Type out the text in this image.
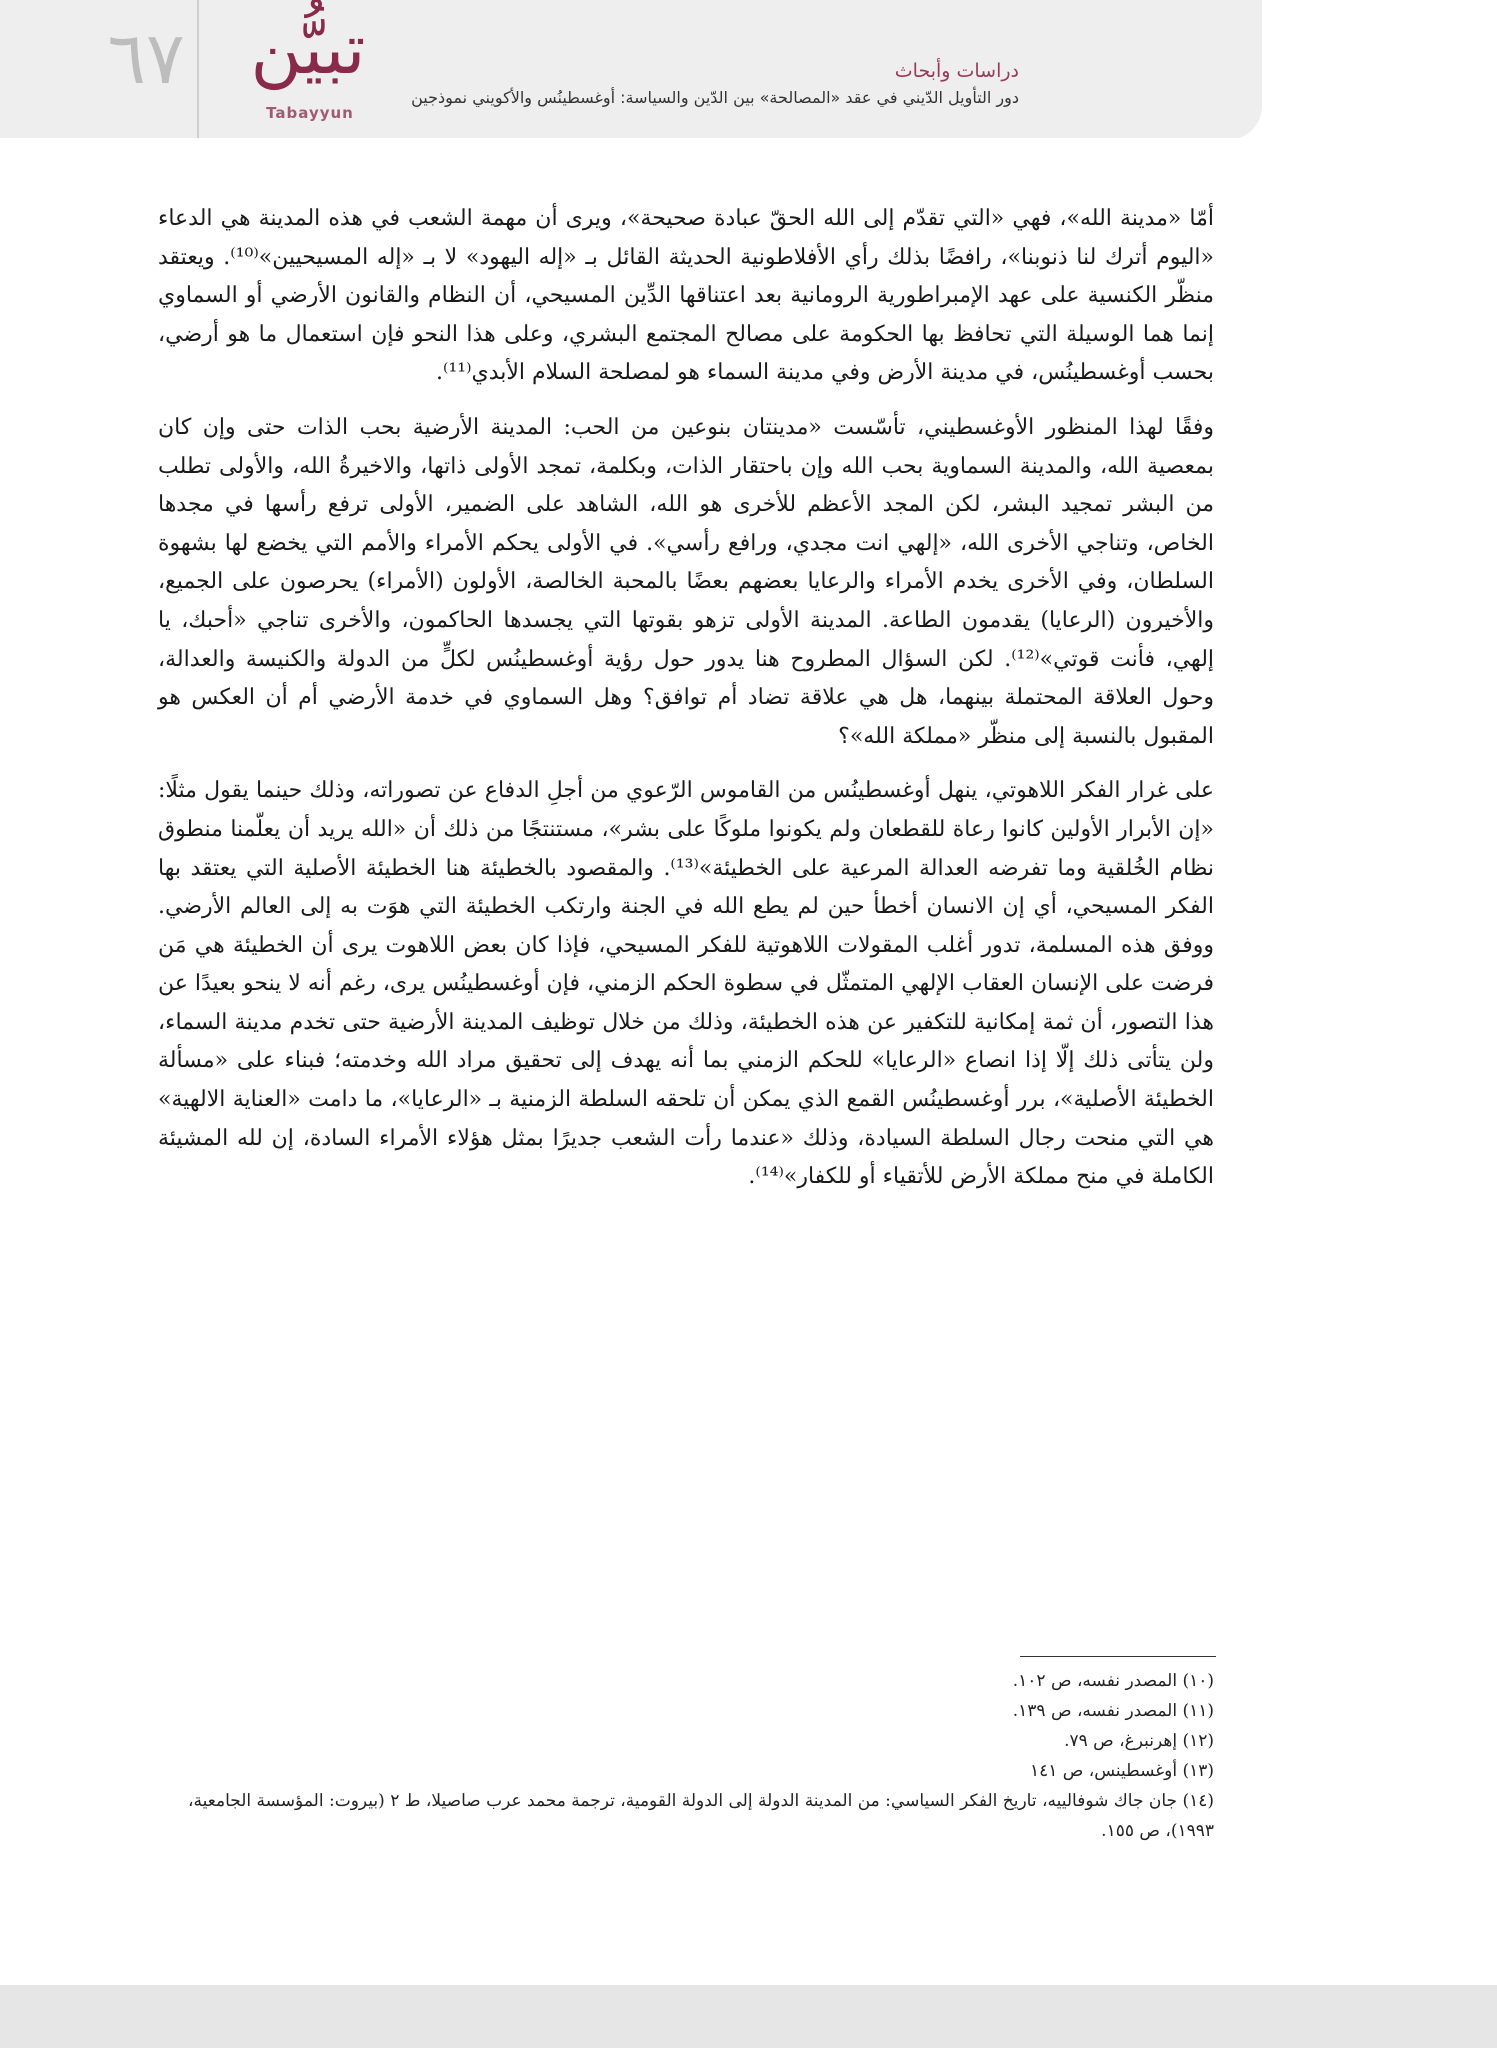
٦٧ تبيُّن
Tabayyun
دراسات وأبحاث
دور التأويل الدّيني في عقد «المصالحة» بين الدّين والسياسة: أوغسطينُس والأكويني نموذجين

أمّا «مدينة الله»، فهي «التي تقدّم إلى الله الحقّ عبادة صحيحة»، ويرى أن مهمة الشعب في هذه المدينة هي الدعاء «اليوم أترك لنا ذنوبنا»، رافضًا بذلك رأي الأفلاطونية الحديثة القائل بـ «إله اليهود» لا بـ «إله المسيحيين»⁽¹⁰⁾. ويعتقد منظّر الكنسية على عهد الإمبراطورية الرومانية بعد اعتناقها الدِّين المسيحي، أن النظام والقانون الأرضي أو السماوي إنما هما الوسيلة التي تحافظ بها الحكومة على مصالح المجتمع البشري، وعلى هذا النحو فإن استعمال ما هو أرضي، بحسب أوغسطينُس، في مدينة الأرض وفي مدينة السماء هو لمصلحة السلام الأبدي⁽¹¹⁾.

وفقًا لهذا المنظور الأوغسطيني، تأسّست «مدينتان بنوعين من الحب: المدينة الأرضية بحب الذات حتى وإن كان بمعصية الله، والمدينة السماوية بحب الله وإن باحتقار الذات، وبكلمة، تمجد الأولى ذاتها، والاخيرةُ الله، والأولى تطلب من البشر تمجيد البشر، لكن المجد الأعظم للأخرى هو الله، الشاهد على الضمير، الأولى ترفع رأسها في مجدها الخاص، وتناجي الأخرى الله، «إلهي انت مجدي، ورافع رأسي». في الأولى يحكم الأمراء والأمم التي يخضع لها بشهوة السلطان، وفي الأخرى يخدم الأمراء والرعايا بعضهم بعضًا بالمحبة الخالصة، الأولون (الأمراء) يحرصون على الجميع، والأخيرون (الرعايا) يقدمون الطاعة. المدينة الأولى تزهو بقوتها التي يجسدها الحاكمون، والأخرى تناجي «أحبك، يا إلهي، فأنت قوتي»⁽¹²⁾. لكن السؤال المطروح هنا يدور حول رؤية أوغسطينُس لكلٍّ من الدولة والكنيسة والعدالة، وحول العلاقة المحتملة بينهما، هل هي علاقة تضاد أم توافق؟ وهل السماوي في خدمة الأرضي أم أن العكس هو المقبول بالنسبة إلى منظّر «مملكة الله»؟

على غرار الفكر اللاهوتي، ينهل أوغسطينُس من القاموس الرّعوي من أجلِ الدفاع عن تصوراته، وذلك حينما يقول مثلًا: «إن الأبرار الأولين كانوا رعاة للقطعان ولم يكونوا ملوكًا على بشر»، مستنتجًا من ذلك أن «الله يريد أن يعلّمنا منطوق نظام الخُلقية وما تفرضه العدالة المرعية على الخطيئة»⁽¹³⁾. والمقصود بالخطيئة هنا الخطيئة الأصلية التي يعتقد بها الفكر المسيحي، أي إن الانسان أخطأ حين لم يطع الله في الجنة وارتكب الخطيئة التي هوَت به إلى العالم الأرضي. ووفق هذه المسلمة، تدور أغلب المقولات اللاهوتية للفكر المسيحي، فإذا كان بعض اللاهوت يرى أن الخطيئة هي مَن فرضت على الإنسان العقاب الإلهي المتمثّل في سطوة الحكم الزمني، فإن أوغسطينُس يرى، رغم أنه لا ينحو بعيدًا عن هذا التصور، أن ثمة إمكانية للتكفير عن هذه الخطيئة، وذلك من خلال توظيف المدينة الأرضية حتى تخدم مدينة السماء، ولن يتأتى ذلك إلّا إذا انصاع «الرعايا» للحكم الزمني بما أنه يهدف إلى تحقيق مراد الله وخدمته؛ فبناء على «مسألة الخطيئة الأصلية»، برر أوغسطينُس القمع الذي يمكن أن تلحقه السلطة الزمنية بـ «الرعايا»، ما دامت «العناية الالهية» هي التي منحت رجال السلطة السيادة، وذلك «عندما رأت الشعب جديرًا بمثل هؤلاء الأمراء السادة، إن لله المشيئة الكاملة في منح مملكة الأرض للأتقياء أو للكفار»⁽¹⁴⁾.

(١٠) المصدر نفسه، ص ١٠٢.
(١١) المصدر نفسه، ص ١٣٩.
(١٢) إهرنبرغ، ص ٧٩.
(١٣) أوغسطينس، ص ١٤١
(١٤) جان جاك شوفالييه، تاريخ الفكر السياسي: من المدينة الدولة إلى الدولة القومية، ترجمة محمد عرب صاصيلا، ط ٢ (بيروت: المؤسسة الجامعية، ١٩٩٣)، ص ١٥٥.
